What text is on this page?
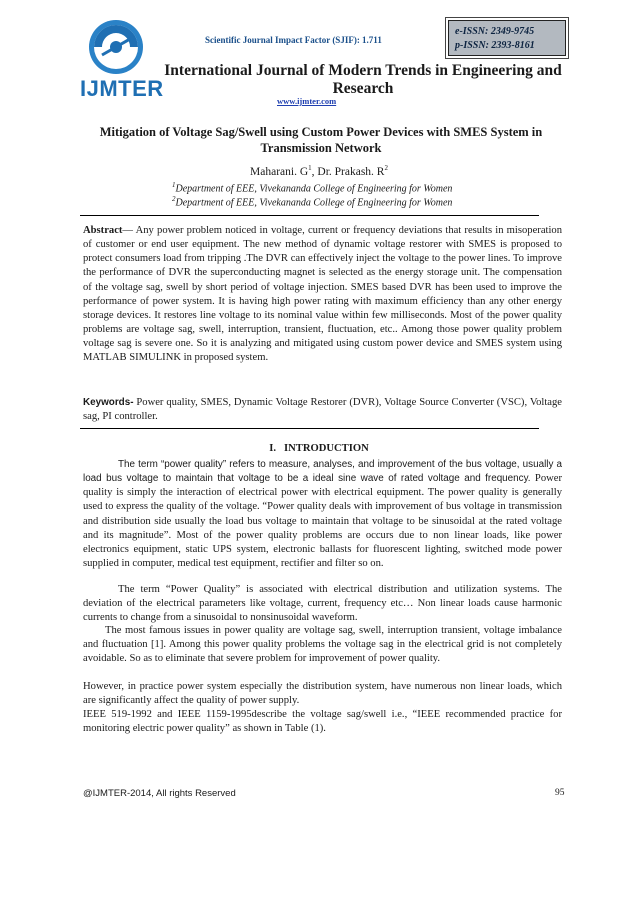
IJMTER
Scientific Journal Impact Factor (SJIF): 1.711
e-ISSN: 2349-9745
p-ISSN: 2393-8161
International Journal of Modern Trends in Engineering and Research
www.ijmter.com
Mitigation of Voltage Sag/Swell using Custom Power Devices with SMES System in Transmission Network
Maharani. $G^1$, Dr. Prakash. $R^2$
$^1$Department of EEE, Vivekananda College of Engineering for Women
$^2$Department of EEE, Vivekananda College of Engineering for Women
Abstract— Any power problem noticed in voltage, current or frequency deviations that results in misoperation of customer or end user equipment. The new method of dynamic voltage restorer with SMES is proposed to protect consumers load from tripping .The DVR can effectively inject the voltage to the power lines. To improve the performance of DVR the superconducting magnet is selected as the energy storage unit. The compensation of the voltage sag, swell by short period of voltage injection. SMES based DVR has been used to improve the performance of power system. It is having high power rating with maximum efficiency than any other energy storage devices. It restores line voltage to its nominal value within few milliseconds. Most of the power quality problems are voltage sag, swell, interruption, transient, fluctuation, etc.. Among those power quality problem voltage sag is severe one. So it is analyzing and mitigated using custom power device and SMES system using MATLAB SIMULINK in proposed system.
Keywords- Power quality, SMES, Dynamic Voltage Restorer (DVR), Voltage Source Converter (VSC), Voltage sag, PI controller.
I. INTRODUCTION
The term “power quality” refers to measure, analyses, and improvement of the bus voltage, usually a load bus voltage to maintain that voltage to be a ideal sine wave of rated voltage and frequency. Power quality is simply the interaction of electrical power with electrical equipment. The power quality is generally used to express the quality of the voltage. “Power quality deals with improvement of bus voltage in transmission and distribution side usually the load bus voltage to maintain that voltage to be sinusoidal at the rated voltage and its magnitude”. Most of the power quality problems are occurs due to non linear loads, like power electronics equipment, static UPS system, electronic ballasts for fluorescent lighting, switched mode power supplied in computer, medical test equipment, rectifier and filter so on.
The term “Power Quality” is associated with electrical distribution and utilization systems. The deviation of the electrical parameters like voltage, current, frequency etc… Non linear loads cause harmonic currents to change from a sinusoidal to nonsinusoidal waveform.
The most famous issues in power quality are voltage sag, swell, interruption transient, voltage imbalance and fluctuation [1]. Among this power quality problems the voltage sag in the electrical grid is not completely avoidable. So as to eliminate that severe problem for improvement of power quality.
However, in practice power system especially the distribution system, have numerous non linear loads, which are significantly affect the quality of power supply.
IEEE 519-1992 and IEEE 1159-1995describe the voltage sag/swell i.e., “IEEE recommended practice for monitoring electric power quality” as shown in Table (1).
@IJMTER-2014, All rights Reserved	95
